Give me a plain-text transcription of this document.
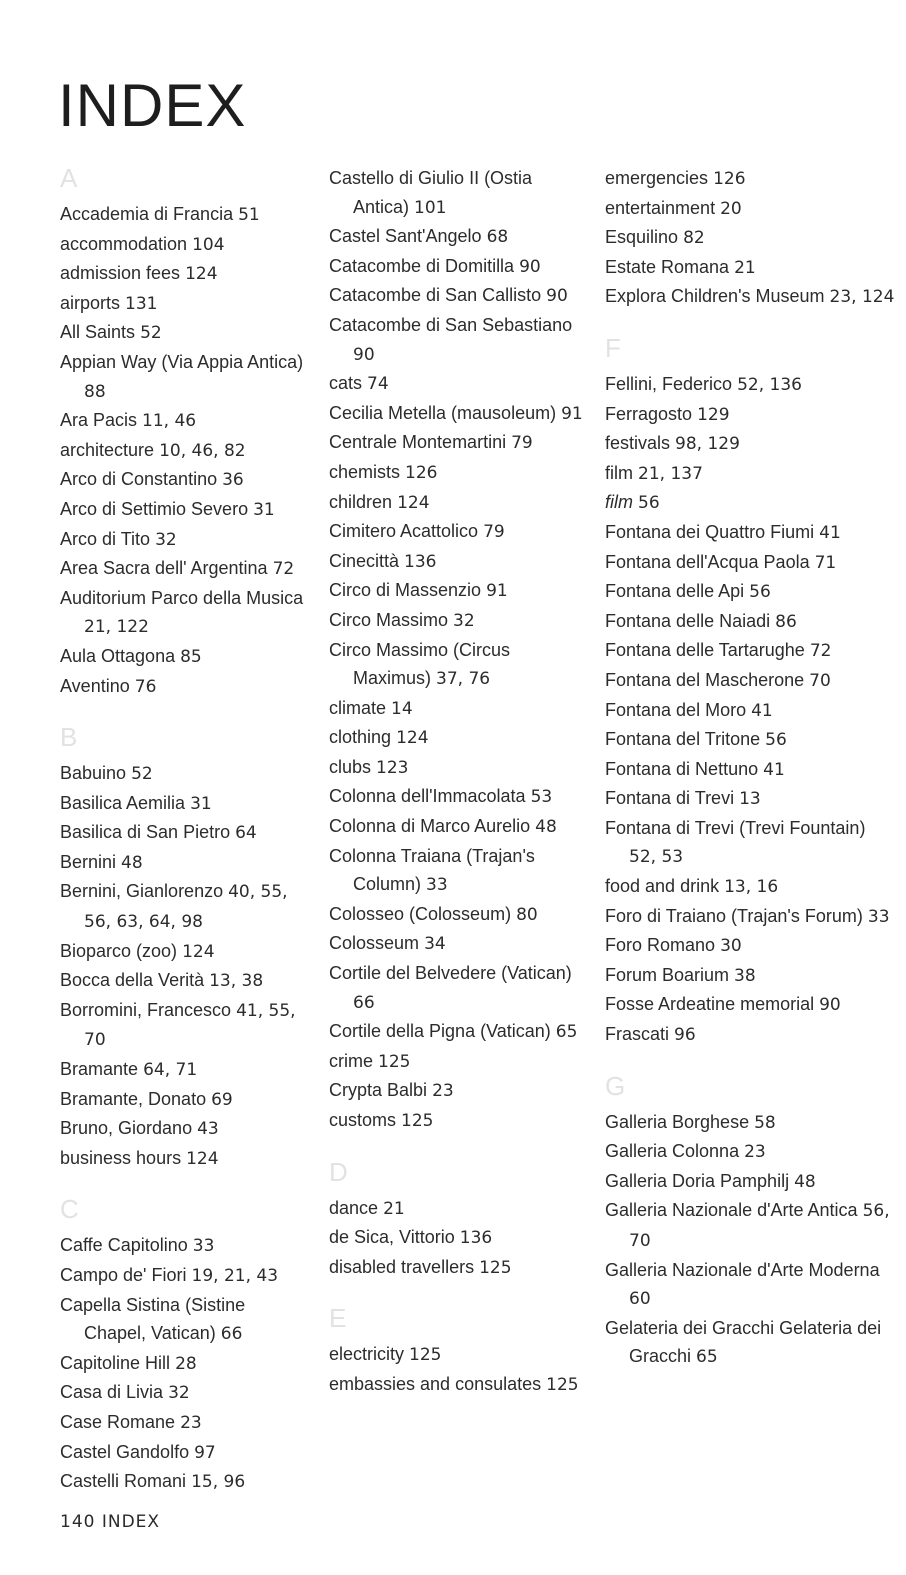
INDEX
A
Accademia di Francia 51
accommodation 104
admission fees 124
airports 131
All Saints 52
Appian Way (Via Appia Antica) 88
Ara Pacis 11, 46
architecture 10, 46, 82
Arco di Constantino 36
Arco di Settimio Severo 31
Arco di Tito 32
Area Sacra dell' Argentina 72
Auditorium Parco della Musica 21, 122
Aula Ottagona 85
Aventino 76
B
Babuino 52
Basilica Aemilia 31
Basilica di San Pietro 64
Bernini 48
Bernini, Gianlorenzo 40, 55, 56, 63, 64, 98
Bioparco (zoo) 124
Bocca della Verità 13, 38
Borromini, Francesco 41, 55, 70
Bramante 64, 71
Bramante, Donato 69
Bruno, Giordano 43
business hours 124
C
Caffe Capitolino 33
Campo de' Fiori 19, 21, 43
Capella Sistina (Sistine Chapel, Vatican) 66
Capitoline Hill 28
Casa di Livia 32
Case Romane 23
Castel Gandolfo 97
Castelli Romani 15, 96
Castello di Giulio II (Ostia Antica) 101
Castel Sant'Angelo 68
Catacombe di Domitilla 90
Catacombe di San Callisto 90
Catacombe di San Sebastiano 90
cats 74
Cecilia Metella (mausoleum) 91
Centrale Montemartini 79
chemists 126
children 124
Cimitero Acattolico 79
Cinecittà 136
Circo di Massenzio 91
Circo Massimo 32
Circo Massimo (Circus Maximus) 37, 76
climate 14
clothing 124
clubs 123
Colonna dell'Immacolata 53
Colonna di Marco Aurelio 48
Colonna Traiana (Trajan's Column) 33
Colosseo (Colosseum) 80
Colosseum 34
Cortile del Belvedere (Vatican) 66
Cortile della Pigna (Vatican) 65
crime 125
Crypta Balbi 23
customs 125
D
dance 21
de Sica, Vittorio 136
disabled travellers 125
E
electricity 125
embassies and consulates 125
emergencies 126
entertainment 20
Esquilino 82
Estate Romana 21
Explora Children's Museum 23, 124
F
Fellini, Federico 52, 136
Ferragosto 129
festivals 98, 129
film 21, 137
film 56
Fontana dei Quattro Fiumi 41
Fontana dell'Acqua Paola 71
Fontana delle Api 56
Fontana delle Naiadi 86
Fontana delle Tartarughe 72
Fontana del Mascherone 70
Fontana del Moro 41
Fontana del Tritone 56
Fontana di Nettuno 41
Fontana di Trevi 13
Fontana di Trevi (Trevi Fountain) 52, 53
food and drink 13, 16
Foro di Traiano (Trajan's Forum) 33
Foro Romano 30
Forum Boarium 38
Fosse Ardeatine memorial 90
Frascati 96
G
Galleria Borghese 58
Galleria Colonna 23
Galleria Doria Pamphilj 48
Galleria Nazionale d'Arte Antica 56, 70
Galleria Nazionale d'Arte Moderna 60
Gelateria dei Gracchi Gelateria dei Gracchi 65
140 INDEX
